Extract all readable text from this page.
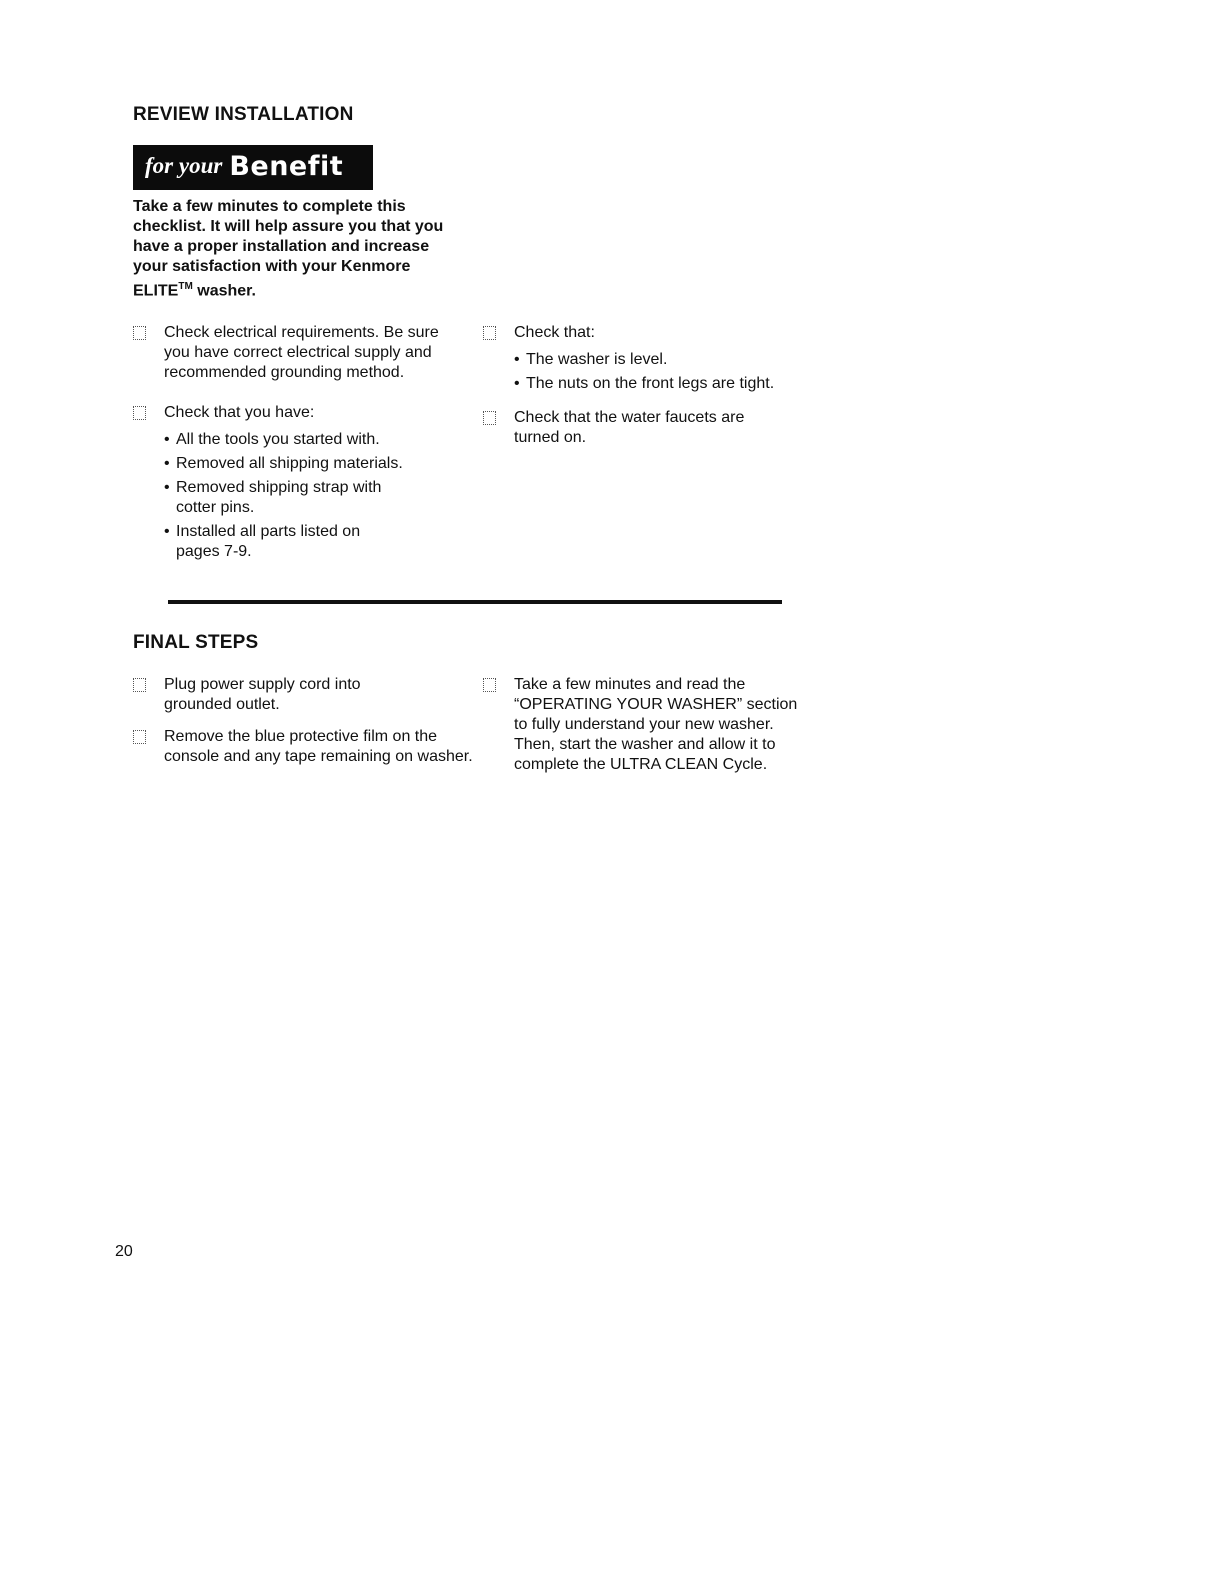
REVIEW INSTALLATION
for your Benefit
Take a few minutes to complete this checklist. It will help assure you that you have a proper installation and increase your satisfaction with your Kenmore ELITE™ washer.
Check electrical requirements. Be sure you have correct electrical supply and recommended grounding method.
Check that you have:
• All the tools you started with.
• Removed all shipping materials.
• Removed shipping strap with cotter pins.
• Installed all parts listed on pages 7-9.
Check that:
• The washer is level.
• The nuts on the front legs are tight.
Check that the water faucets are turned on.
FINAL STEPS
Plug power supply cord into grounded outlet.
Remove the blue protective film on the console and any tape remaining on washer.
Take a few minutes and read the “OPERATING YOUR WASHER” section to fully understand your new washer. Then, start the washer and allow it to complete the ULTRA CLEAN Cycle.
20
